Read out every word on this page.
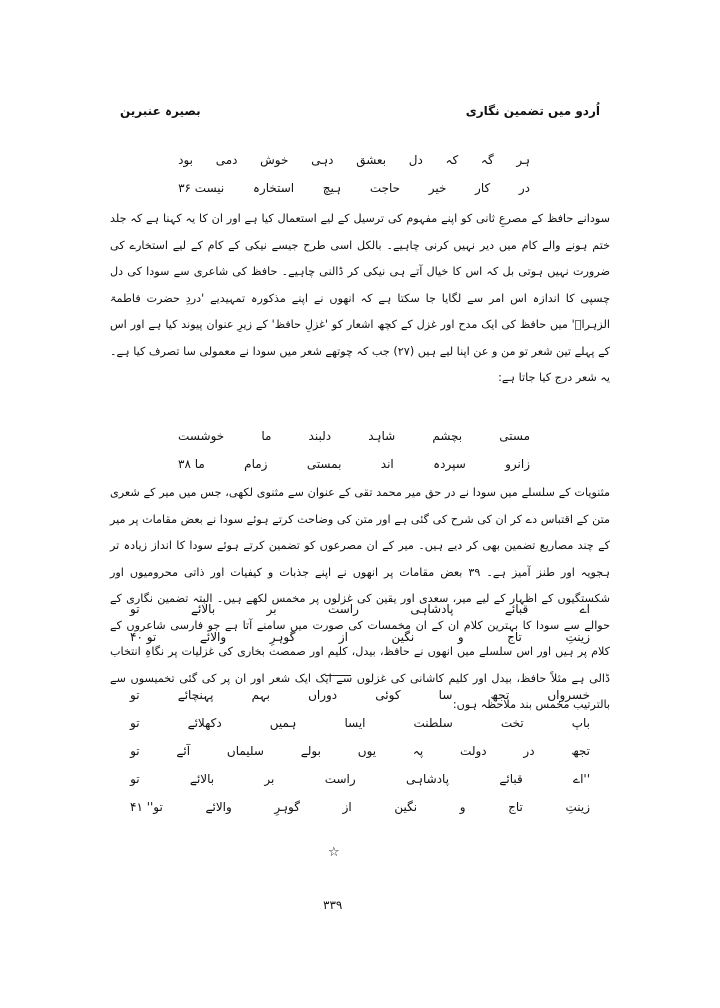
اُردو میں تضمین نگاری
بصیرہ عنبرین
ہر
گہ
کہ
دل
بعشق
دہی
خوش
دمی
بود
در
کار
خیر
حاجت
ہیچ
استخارہ
نیست ۳۶
سودانے حافظ کے مصرعِ ثانی کو اپنے مفہوم کی ترسیل کے لیے استعمال کیا ہے اور ان کا یہ کہنا ہے کہ جلد ختم ہونے والے کام میں دیر نہیں کرنی چاہیے۔ بالکل اسی طرح جیسے نیکی کے کام کے لیے استخارے کی ضرورت نہیں ہوتی بل کہ اس کا خیال آتے ہی نیکی کر ڈالنی چاہیے۔ حافظ کی شاعری سے سودا کی دل چسپی کا اندازہ اس امر سے لگایا جا سکتا ہے کہ انھوں نے اپنے مذکورہ تمہیدیے 'دردِ حضرت فاطمۃ الزہراؓ' میں حافظ کی ایک مدح اور غزل کے کچھ اشعار کو 'غزلِ حافظ' کے زیرِ عنوان پیوند کیا ہے اور اس کے پہلے تین شعر تو من و عن اپنا لیے ہیں (۲۷) جب کہ چوتھے شعر میں سودا نے معمولی سا تصرف کیا ہے۔ یہ شعر درج کیا جاتا ہے:
مستی
بچشم
شاہد
دلبند
ما
خوشست
زانرو
سپردہ
اند
بمستی
زمام
ما ۳۸
مثنویات کے سلسلے میں سودا نے در حق میر محمد تقی کے عنوان سے مثنوی لکھی، جس میں میر کے شعری متن کے اقتباس دے کر ان کی شرح کی گئی ہے اور متن کی وضاحت کرتے ہوئے سودا نے بعض مقامات پر میر کے چند مصاریع تضمین بھی کر دیے ہیں۔ میر کے ان مصرعوں کو تضمین کرتے ہوئے سودا کا انداز زیادہ تر ہجویہ اور طنز آمیز ہے۔ ۳۹ بعض مقامات پر انھوں نے اپنے جذبات و کیفیات اور ذاتی محرومیوں اور شکستگیوں کے اظہار کے لیے میر، سعدی اور یقین کی غزلوں پر مخمس لکھے ہیں۔ البتہ تضمین نگاری کے حوالے سے سودا کا بہترین کلام ان کے ان مخمسات کی صورت میں سامنے آتا ہے جو فارسی شاعروں کے کلام پر ہیں اور اس سلسلے میں انھوں نے حافظ، بیدل، کلیم اور صمصت بخاری کی غزلیات پر نگاہِ انتخاب ڈالی ہے مثلاً حافظ، بیدل اور کلیم کاشانی کی غزلوں سے ایک ایک شعر اور ان پر کی گئی تخمیسوں سے بالترتیب مخمس بند ملاحظہ ہوں:
اے
قبائے
پادشاہی
راست
بر
بالائے
تو
زینتِ
تاج
و
نگین
از
گوہرِ
والائے
تو ۴۰
خسرواں
تجھ
سا
کوئی
دوراں
بہم
پہنچائے
تو
باپ
تخت
سلطنت
ایسا
ہمیں
دکھلائے
تو
تجھ
در
دولت
پہ
یوں
بولے
سلیماں
آئے
تو
''اے
قبائے
پادشاہی
راست
بر
بالائے
تو
زینتِ
تاج
و
نگین
از
گوہرِ
والائے
تو'' ۴۱
☆
۳۳۹
